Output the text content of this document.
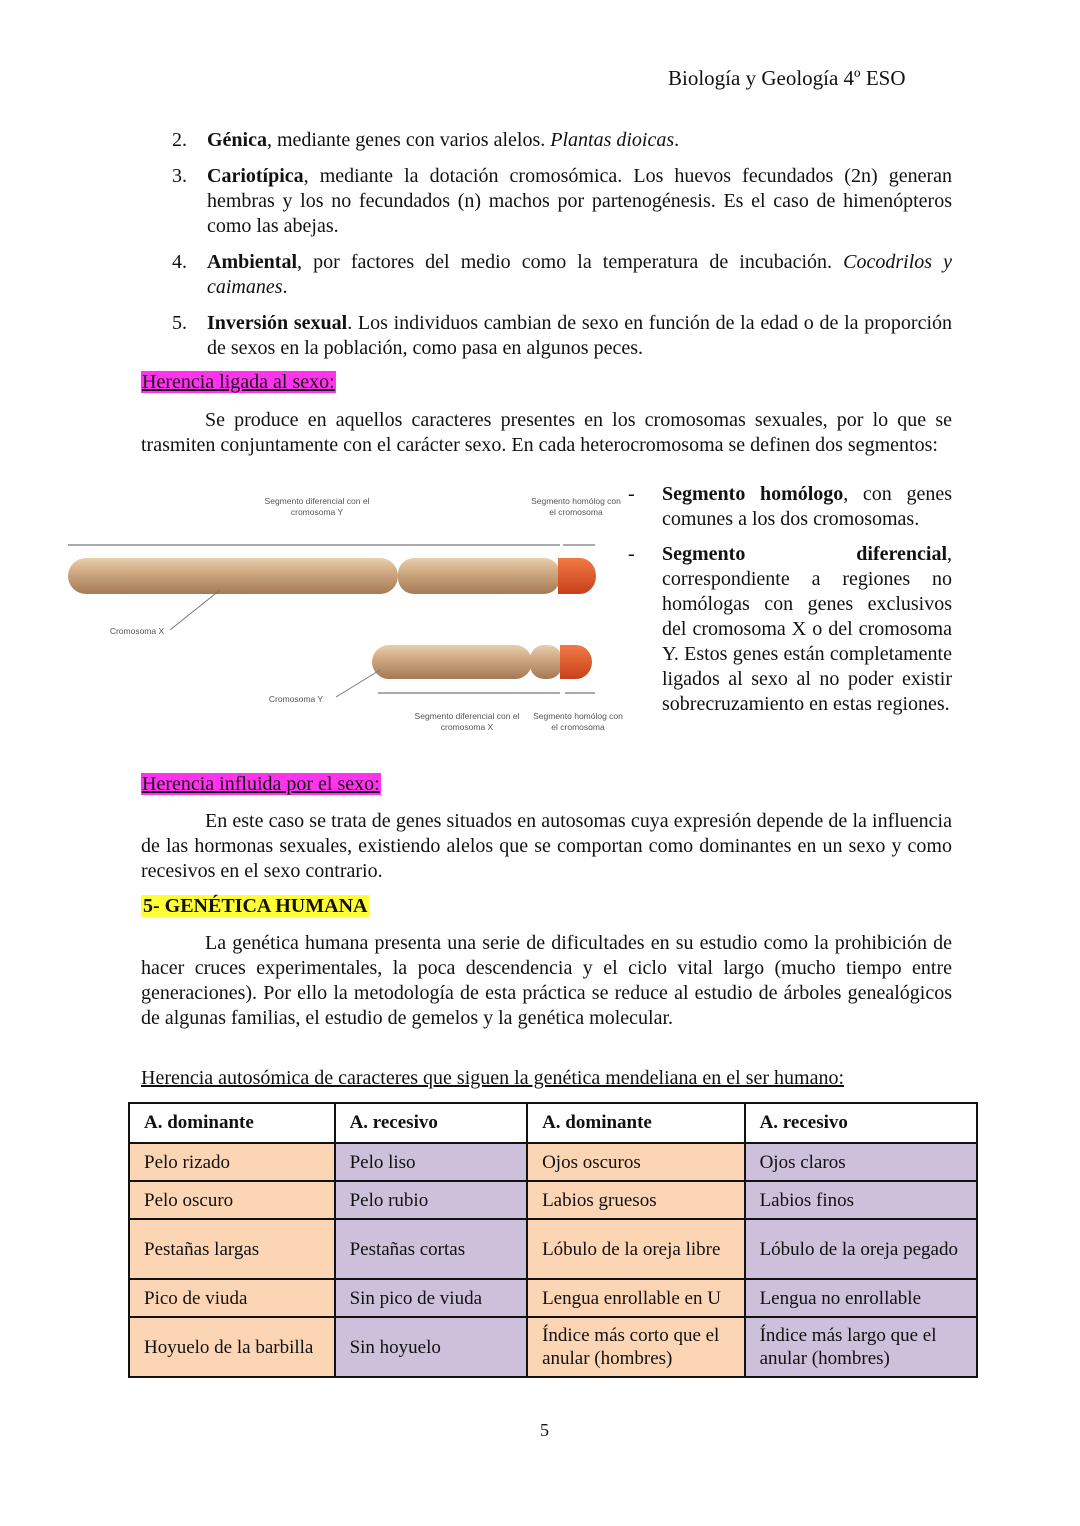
Biología y Geología 4º ESO
2.	Génica, mediante genes con varios alelos. Plantas dioicas.
3.	Cariotípica, mediante la dotación cromosómica. Los huevos fecundados (2n) generan hembras y los no fecundados (n) machos por partenogénesis. Es el caso de himenópteros como las abejas.
4.	Ambiental, por factores del medio como la temperatura de incubación. Cocodrilos y caimanes.
5.	Inversión sexual. Los individuos cambian de sexo en función de la edad o de la proporción de sexos en la población, como pasa en algunos peces.
Herencia ligada al sexo:
Se produce en aquellos caracteres presentes en los cromosomas sexuales, por lo que se trasmiten conjuntamente con el carácter sexo. En cada heterocromosoma se definen dos segmentos:
Segmento diferencial con el cromosoma Y
Segmento homólog con el cromosoma
Cromosoma X
Cromosoma Y
Segmento diferencial con el cromosoma X
Segmento homólog con el cromosoma
- Segmento homólogo, con genes comunes a los dos cromosomas.
- Segmento diferencial, correspondiente a regiones no homólogas con genes exclusivos del cromosoma X o del cromosoma Y. Estos genes están completamente ligados al sexo al no poder existir sobrecruzamiento en estas regiones.
Herencia influida por el sexo:
En este caso se trata de genes situados en autosomas cuya expresión depende de la influencia de las hormonas sexuales, existiendo alelos que se comportan como dominantes en un sexo y como recesivos en el sexo contrario.
5- GENÉTICA HUMANA
La genética humana presenta una serie de dificultades en su estudio como la prohibición de hacer cruces experimentales, la poca descendencia y el ciclo vital largo (mucho tiempo entre generaciones). Por ello la metodología de esta práctica se reduce al estudio de árboles genealógicos de algunas familias, el estudio de gemelos y la genética molecular.
Herencia autosómica de caracteres que siguen la genética mendeliana en el ser humano:
A. dominante	A. recesivo	A. dominante	A. recesivo
Pelo rizado	Pelo liso	Ojos oscuros	Ojos claros
Pelo oscuro	Pelo rubio	Labios gruesos	Labios finos
Pestañas largas	Pestañas cortas	Lóbulo de la oreja libre	Lóbulo de la oreja pegado
Pico de viuda	Sin pico de viuda	Lengua enrollable en U	Lengua no enrollable
Hoyuelo de la barbilla	Sin hoyuelo	Índice más corto que el anular (hombres)	Índice más largo que el anular (hombres)
5
